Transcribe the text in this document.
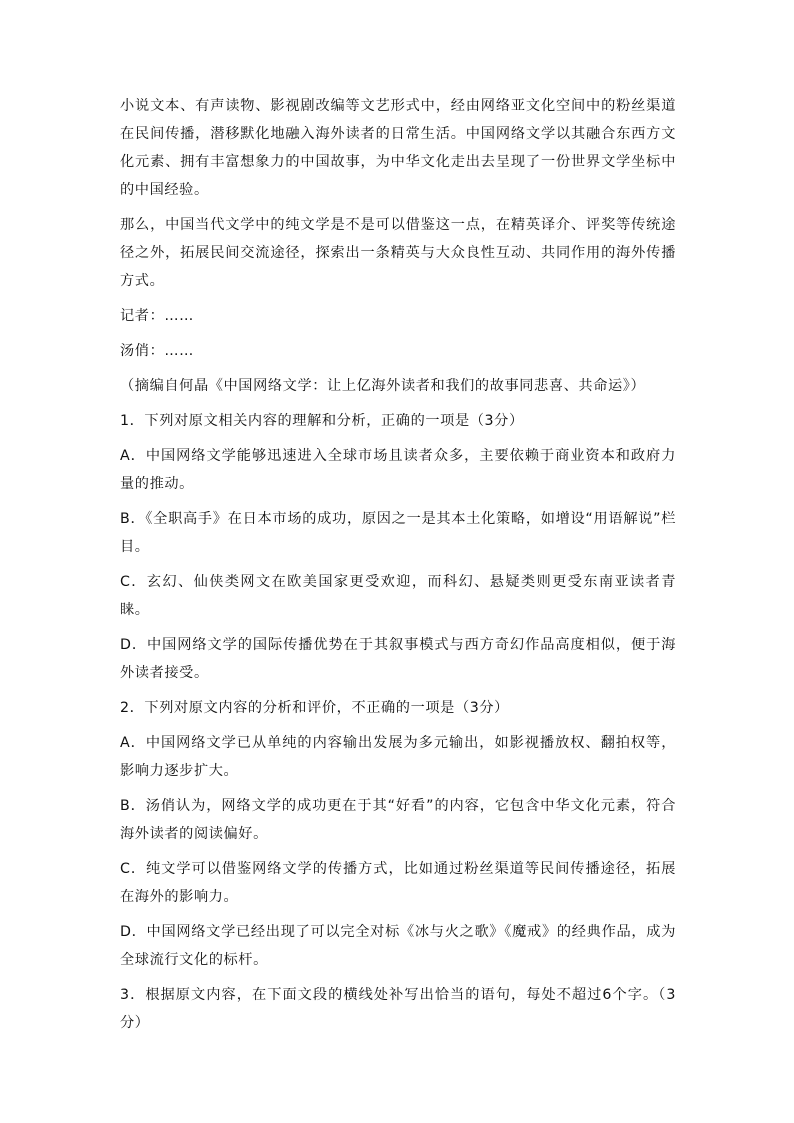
小说文本、有声读物、影视剧改编等文艺形式中，经由网络亚文化空间中的粉丝渠道在民间传播，潜移默化地融入海外读者的日常生活。中国网络文学以其融合东西方文化元素、拥有丰富想象力的中国故事，为中华文化走出去呈现了一份世界文学坐标中的中国经验。

那么，中国当代文学中的纯文学是不是可以借鉴这一点，在精英译介、评奖等传统途径之外，拓展民间交流途径，探索出一条精英与大众良性互动、共同作用的海外传播方式。

记者：……

汤俏：……

（摘编自何晶《中国网络文学：让上亿海外读者和我们的故事同悲喜、共命运》）

1．下列对原文相关内容的理解和分析，正确的一项是（3分）

A．中国网络文学能够迅速进入全球市场且读者众多，主要依赖于商业资本和政府力量的推动。

B．《全职高手》在日本市场的成功，原因之一是其本土化策略，如增设“用语解说”栏目。

C．玄幻、仙侠类网文在欧美国家更受欢迎，而科幻、悬疑类则更受东南亚读者青睐。

D．中国网络文学的国际传播优势在于其叙事模式与西方奇幻作品高度相似，便于海外读者接受。

2．下列对原文内容的分析和评价，不正确的一项是（3分）

A．中国网络文学已从单纯的内容输出发展为多元输出，如影视播放权、翻拍权等，影响力逐步扩大。

B．汤俏认为，网络文学的成功更在于其“好看”的内容，它包含中华文化元素，符合海外读者的阅读偏好。

C．纯文学可以借鉴网络文学的传播方式，比如通过粉丝渠道等民间传播途径，拓展在海外的影响力。

D．中国网络文学已经出现了可以完全对标《冰与火之歌》《魔戒》的经典作品，成为全球流行文化的标杆。

3．根据原文内容，在下面文段的横线处补写出恰当的语句，每处不超过6个字。（3分）
